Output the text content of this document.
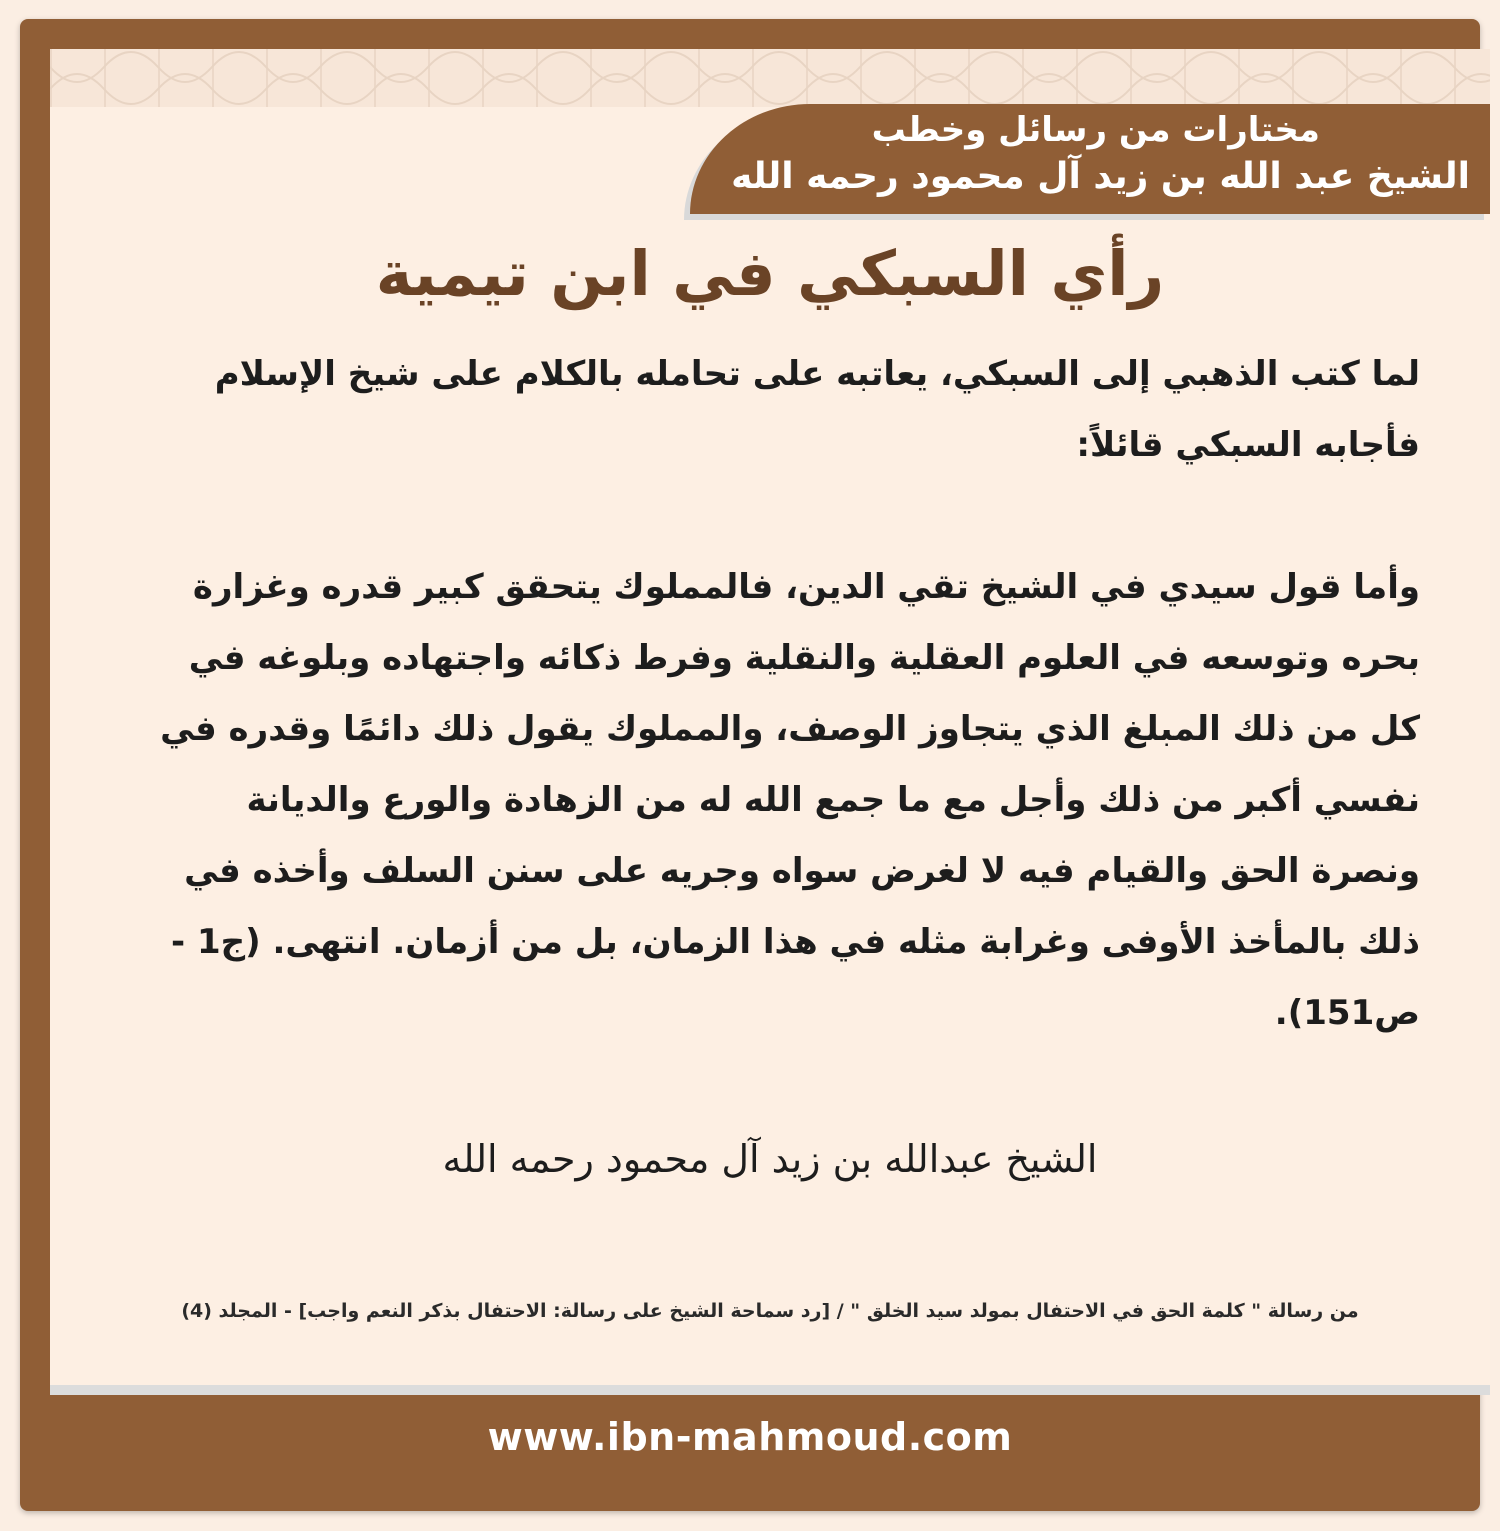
مختارات من رسائل وخطب
الشيخ عبد الله بن زيد آل محمود رحمه الله
رأي السبكي في ابن تيمية

لما كتب الذهبي إلى السبكي، يعاتبه على تحامله بالكلام على شيخ الإسلام فأجابه السبكي قائلاً:

وأما قول سيدي في الشيخ تقي الدين، فالمملوك يتحقق كبير قدره وغزارة بحره وتوسعه في العلوم العقلية والنقلية وفرط ذكائه واجتهاده وبلوغه في كل من ذلك المبلغ الذي يتجاوز الوصف، والمملوك يقول ذلك دائمًا وقدره في نفسي أكبر من ذلك وأجل مع ما جمع الله له من الزهادة والورع والديانة ونصرة الحق والقيام فيه لا لغرض سواه وجريه على سنن السلف وأخذه في ذلك بالمأخذ الأوفى وغرابة مثله في هذا الزمان، بل من أزمان. انتهى. (ج1 - ص151).

الشيخ عبدالله بن زيد آل محمود رحمه الله
من رسالة " كلمة الحق في الاحتفال بمولد سيد الخلق " / [رد سماحة الشيخ على رسالة: الاحتفال بذكر النعم واجب] - المجلد (4)
www.ibn-mahmoud.com
